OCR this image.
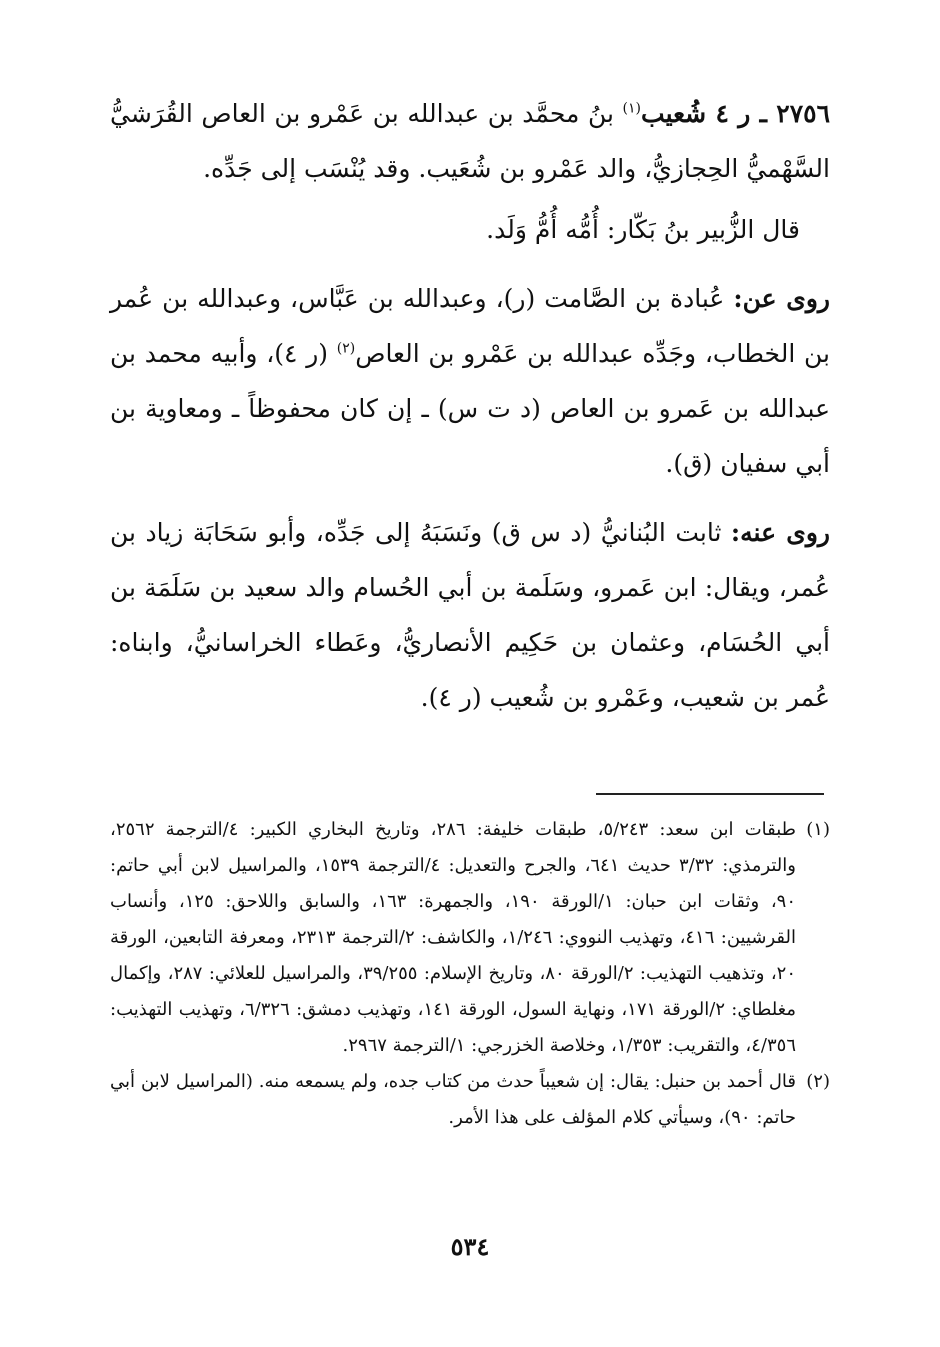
٢٧٥٦ ـ ر ٤ شُعيب$^{(١)}$ بنُ محمَّد بن عبدالله بن عَمْرو بن العاص القُرَشيُّ السَّهْميُّ الحِجازيُّ، والد عَمْرو بن شُعَيب. وقد يُنْسَب إلى جَدِّه.

قال الزُّبير بنُ بَكّار: أُمُّه أُمُّ وَلَد.

روى عن: عُبادة بن الصَّامت (ر)، وعبدالله بن عَبَّاس، وعبدالله بن عُمر بن الخطاب، وجَدِّه عبدالله بن عَمْرو بن العاص$^{(٢)}$ (ر ٤)، وأبيه محمد بن عبدالله بن عَمرو بن العاص (د ت س) ـ إن كان محفوظاً ـ ومعاوية بن أبي سفيان (ق).

روى عنه: ثابت البُنانيُّ (د س ق) ونَسَبَهُ إلى جَدِّه، وأبو سَحَابَة زياد بن عُمر، ويقال: ابن عَمرو، وسَلَمة بن أبي الحُسام والد سعيد بن سَلَمَة بن أبي الحُسَام، وعثمان بن حَكِيم الأنصاريُّ، وعَطاء الخراسانيُّ، وابناه: عُمر بن شعيب، وعَمْرو بن شُعيب (ر ٤).

(١)
طبقات ابن سعد: ٥/٢٤٣، طبقات خليفة: ٢٨٦، وتاريخ البخاري الكبير: ٤/الترجمة ٢٥٦٢، والترمذي: ٣/٣٢ حديث ٦٤١، والجرح والتعديل: ٤/الترجمة ١٥٣٩، والمراسيل لابن أبي حاتم: ٩٠، وثقات ابن حبان: ١/الورقة ١٩٠، والجمهرة: ١٦٣، والسابق واللاحق: ١٢٥، وأنساب القرشيين: ٤١٦، وتهذيب النووي: ١/٢٤٦، والكاشف: ٢/الترجمة ٢٣١٣، ومعرفة التابعين، الورقة ٢٠، وتذهيب التهذيب: ٢/الورقة ٨٠، وتاريخ الإسلام: ٣٩/٢٥٥، والمراسيل للعلائي: ٢٨٧، وإكمال مغلطاي: ٢/الورقة ١٧١، ونهاية السول، الورقة ١٤١، وتهذيب دمشق: ٦/٣٢٦، وتهذيب التهذيب: ٤/٣٥٦، والتقريب: ١/٣٥٣، وخلاصة الخزرجي: ١/الترجمة ٢٩٦٧.
(٢)
قال أحمد بن حنبل: يقال: إن شعيباً حدث من كتاب جده، ولم يسمعه منه. (المراسيل لابن أبي حاتم: ٩٠)، وسيأتي كلام المؤلف على هذا الأمر.
٥٣٤
